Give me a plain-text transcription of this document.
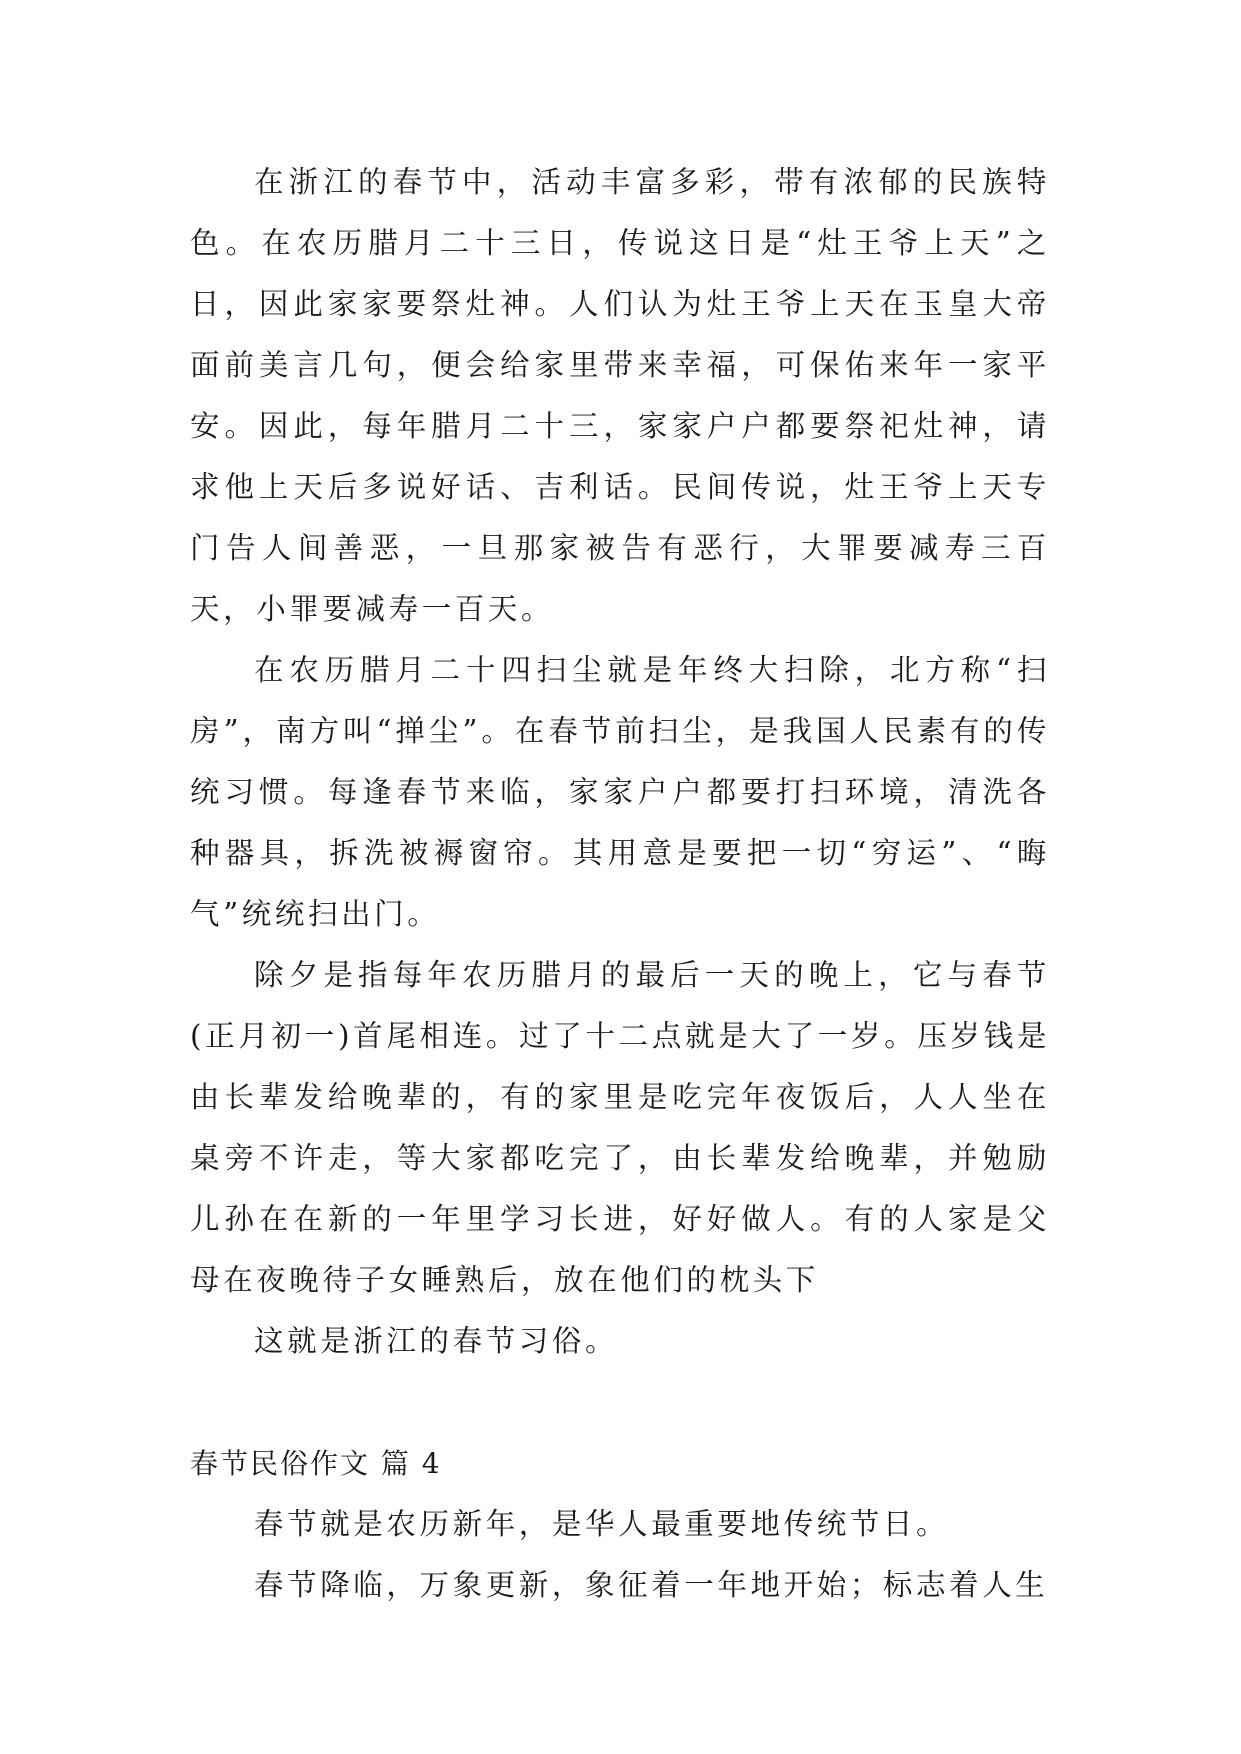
在浙江的春节中，活动丰富多彩，带有浓郁的民族特色。在农历腊月二十三日，传说这日是“灶王爷上天”之日，因此家家要祭灶神。人们认为灶王爷上天在玉皇大帝面前美言几句，便会给家里带来幸福，可保佑来年一家平安。因此，每年腊月二十三，家家户户都要祭祀灶神，请求他上天后多说好话、吉利话。民间传说，灶王爷上天专门告人间善恶，一旦那家被告有恶行，大罪要减寿三百天，小罪要减寿一百天。

在农历腊月二十四扫尘就是年终大扫除，北方称“扫房”，南方叫“掸尘”。在春节前扫尘，是我国人民素有的传统习惯。每逢春节来临，家家户户都要打扫环境，清洗各种器具，拆洗被褥窗帘。其用意是要把一切“穷运”、“晦气”统统扫出门。

除夕是指每年农历腊月的最后一天的晚上，它与春节(正月初一)首尾相连。过了十二点就是大了一岁。压岁钱是由长辈发给晚辈的，有的家里是吃完年夜饭后，人人坐在桌旁不许走，等大家都吃完了，由长辈发给晚辈，并勉励儿孙在在新的一年里学习长进，好好做人。有的人家是父母在夜晚待子女睡熟后，放在他们的枕头下

这就是浙江的春节习俗。

春节民俗作文 篇 4

春节就是农历新年，是华人最重要地传统节日。

春节降临，万象更新，象征着一年地开始；标志着人生
